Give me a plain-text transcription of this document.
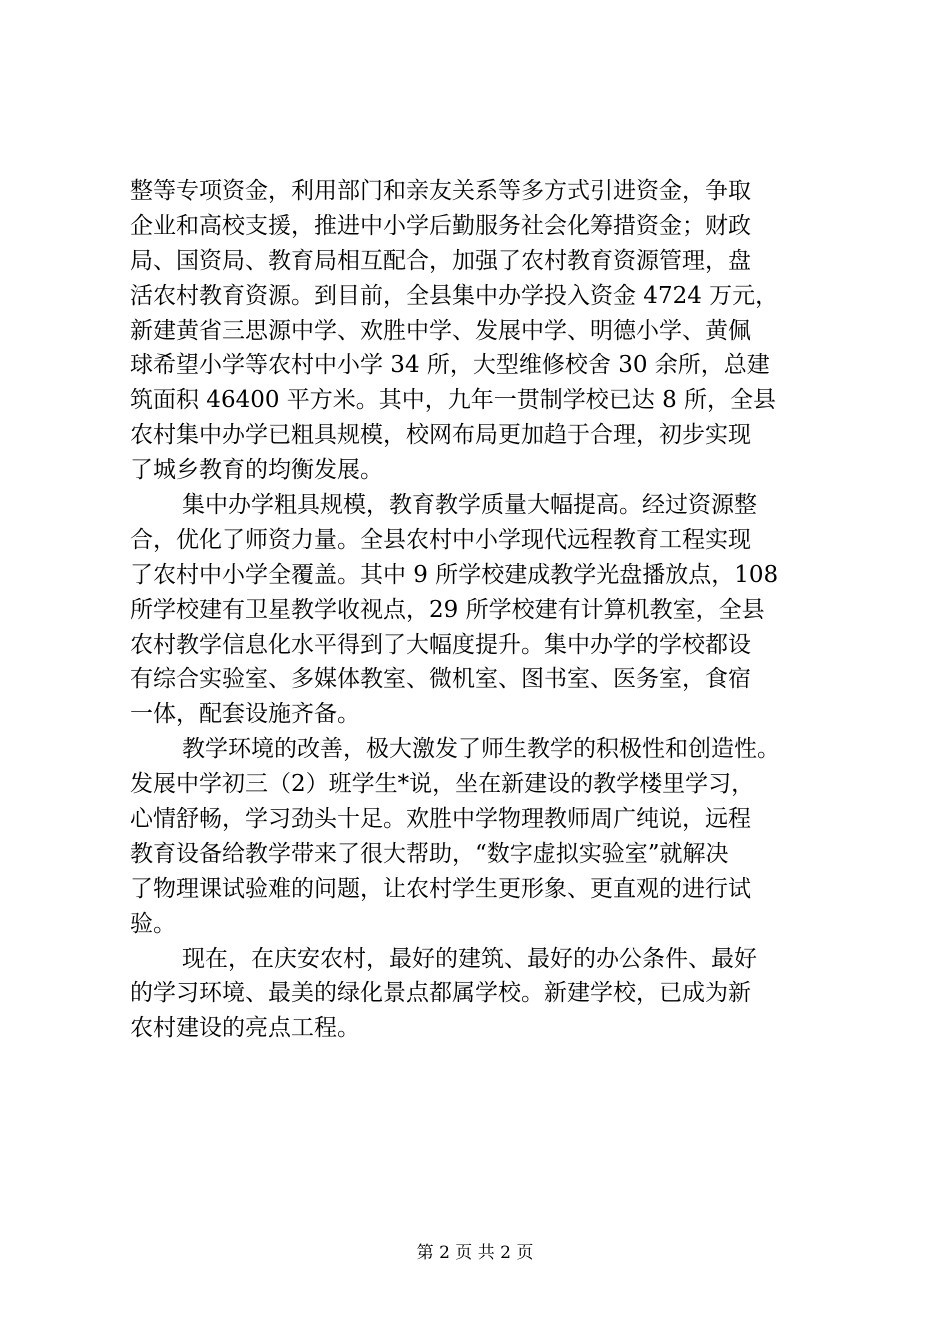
整等专项资金，利用部门和亲友关系等多方式引进资金，争取
企业和高校支援，推进中小学后勤服务社会化筹措资金；财政
局、国资局、教育局相互配合，加强了农村教育资源管理，盘
活农村教育资源。到目前，全县集中办学投入资金 4724 万元，
新建黄省三思源中学、欢胜中学、发展中学、明德小学、黄佩
球希望小学等农村中小学 34 所，大型维修校舍 30 余所，总建
筑面积 46400 平方米。其中，九年一贯制学校已达 8 所，全县
农村集中办学已粗具规模，校网布局更加趋于合理，初步实现
了城乡教育的均衡发展。
集中办学粗具规模，教育教学质量大幅提高。经过资源整
合，优化了师资力量。全县农村中小学现代远程教育工程实现
了农村中小学全覆盖。其中 9 所学校建成教学光盘播放点，108
所学校建有卫星教学收视点，29 所学校建有计算机教室，全县
农村教学信息化水平得到了大幅度提升。集中办学的学校都设
有综合实验室、多媒体教室、微机室、图书室、医务室，食宿
一体，配套设施齐备。
教学环境的改善，极大激发了师生教学的积极性和创造性。
发展中学初三（2）班学生*说，坐在新建设的教学楼里学习，
心情舒畅，学习劲头十足。欢胜中学物理教师周广纯说，远程
教育设备给教学带来了很大帮助，“数字虚拟实验室”就解决
了物理课试验难的问题，让农村学生更形象、更直观的进行试
验。
现在，在庆安农村，最好的建筑、最好的办公条件、最好
的学习环境、最美的绿化景点都属学校。新建学校，已成为新
农村建设的亮点工程。
第 2 页 共 2 页
